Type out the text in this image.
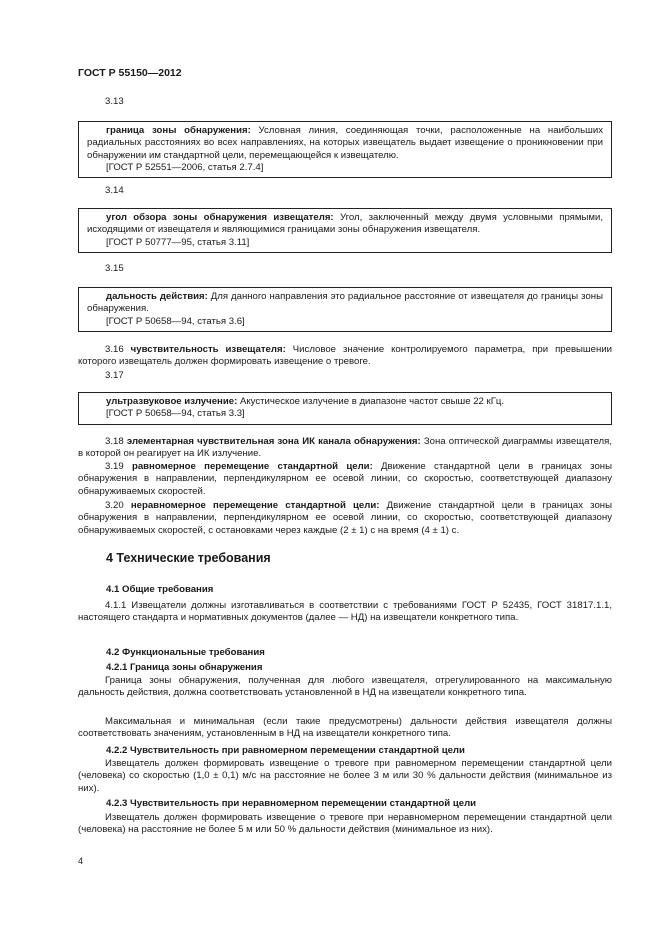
ГОСТ Р 55150—2012
3.13

граница зоны обнаружения: Условная линия, соединяющая точки, расположенные на наибольших радиальных расстояниях во всех направлениях, на которых извещатель выдает извещение о проникновении при обнаружении им стандартной цели, перемещающейся к извещателю.

[ГОСТ Р 52551—2006, статья 2.7.4]

3.14

угол обзора зоны обнаружения извещателя: Угол, заключенный между двумя условными прямыми, исходящими от извещателя и являющимися границами зоны обнаружения извещателя.

[ГОСТ Р 50777—95, статья 3.11]

3.15

дальность действия: Для данного направления это радиальное расстояние от извещателя до границы зоны обнаружения.

[ГОСТ Р 50658—94, статья 3.6]

3.16 чувствительность извещателя: Числовое значение контролируемого параметра, при превышении которого извещатель должен формировать извещение о тревоге.

3.17

ультразвуковое излучение: Акустическое излучение в диапазоне частот свыше 22 кГц.

[ГОСТ Р 50658—94, статья 3.3]

3.18 элементарная чувствительная зона ИК канала обнаружения: Зона оптической диаграммы извещателя, в которой он реагирует на ИК излучение.

3.19 равномерное перемещение стандартной цели: Движение стандартной цели в границах зоны обнаружения в направлении, перпендикулярном ее осевой линии, со скоростью, соответствующей диапазону обнаруживаемых скоростей.

3.20 неравномерное перемещение стандартной цели: Движение стандартной цели в границах зоны обнаружения в направлении, перпендикулярном ее осевой линии, со скоростью, соответствующей диапазону обнаруживаемых скоростей, с остановками через каждые (2 ± 1) с на время (4 ± 1) с.

4 Технические требования
4.1 Общие требования

4.1.1 Извещатели должны изготавливаться в соответствии с требованиями ГОСТ Р 52435, ГОСТ 31817.1.1, настоящего стандарта и нормативных документов (далее — НД) на извещатели конкретного типа.

4.2 Функциональные требования
4.2.1 Граница зоны обнаружения

Граница зоны обнаружения, полученная для любого извещателя, отрегулированного на максимальную дальность действия, должна соответствовать установленной в НД на извещатели конкретного типа.

Максимальная и минимальная (если такие предусмотрены) дальности действия извещателя должны соответствовать значениям, установленным в НД на извещатели конкретного типа.

4.2.2 Чувствительность при равномерном перемещении стандартной цели

Извещатель должен формировать извещение о тревоге при равномерном перемещении стандартной цели (человека) со скоростью (1,0 ± 0,1) м/с на расстояние не более 3 м или 30 % дальности действия (минимальное из них).

4.2.3 Чувствительность при неравномерном перемещении стандартной цели

Извещатель должен формировать извещение о тревоге при неравномерном перемещении стандартной цели (человека) на расстояние не более 5 м или 50 % дальности действия (минимальное из них).

4
